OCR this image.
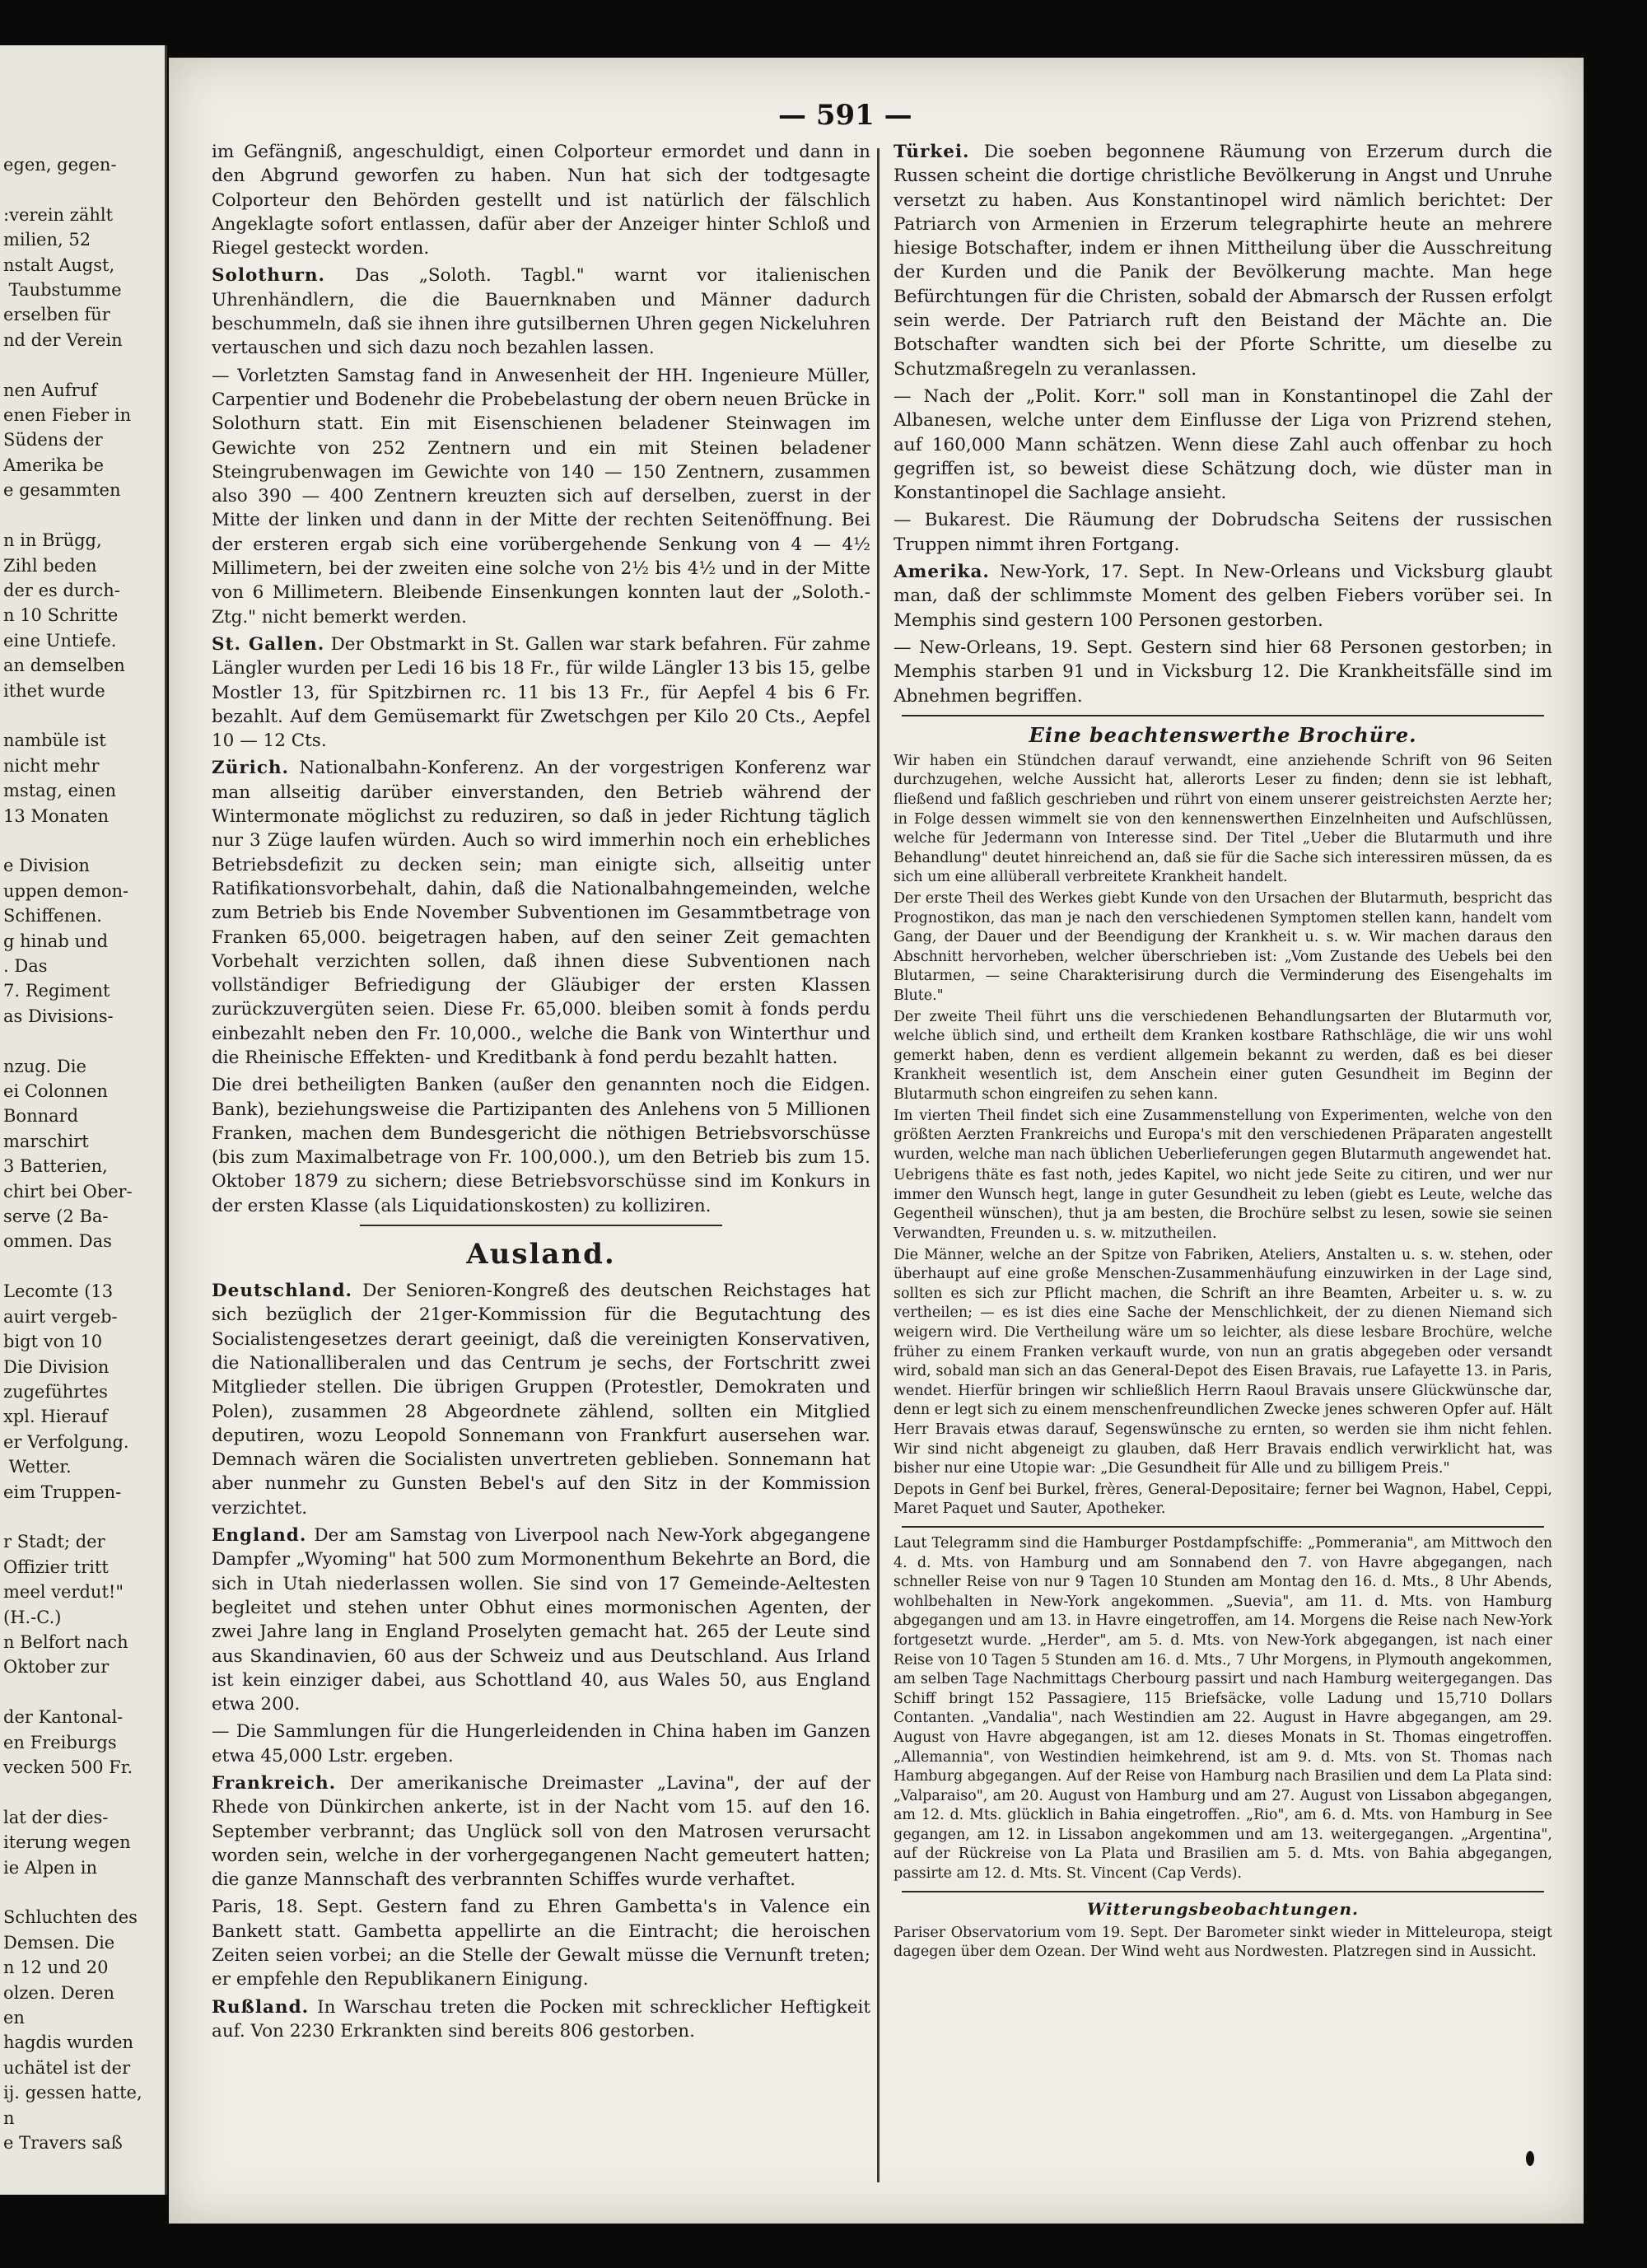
egen, gegen-

:verein zählt
milien, 52
nstalt Augst,
Taubstumme
erselben für
nd der Verein

nen Aufruf
enen Fieber in
Südens der
Amerika be
e gesammten

n in Brügg,
Zihl beden
der es durch-
n 10 Schritte
eine Untiefe.
an demselben
ithet wurde

nambüle ist
nicht mehr
mstag, einen
13 Monaten

e Division
uppen demon-
Schiffenen.
g hinab und
. Das
7. Regiment
as Divisions-

nzug. Die
ei Colonnen
Bonnard
marschirt
3 Batterien,
chirt bei Ober-
serve (2 Ba-
ommen. Das

Lecomte (13
auirt vergeb-
bigt von 10
Die Division
zugeführtes
xpl. Hierauf
er Verfolgung.
Wetter.
eim Truppen-

r Stadt; der
Offizier tritt
meel verdut!"
(H.-C.)
n Belfort nach
Oktober zur

der Kantonal-
en Freiburgs
vecken 500 Fr.

lat der dies-
iterung wegen
ie Alpen in

Schluchten des
Demsen. Die
n 12 und 20
olzen. Deren
en
hagdis wurden
uchätel ist der
ij. gessen hatte,
n
e Travers saß
— 591 —

im Gefängniß, angeschuldigt, einen Colporteur ermordet und dann in den Abgrund geworfen zu haben. Nun hat sich der todtgesagte Colporteur den Behörden gestellt und ist natürlich der fälschlich Angeklagte sofort entlassen, dafür aber der Anzeiger hinter Schloß und Riegel gesteckt worden.

Solothurn. Das „Soloth. Tagbl." warnt vor italienischen Uhrenhändlern, die die Bauernknaben und Männer dadurch beschummeln, daß sie ihnen ihre gutsilbernen Uhren gegen Nickeluhren vertauschen und sich dazu noch bezahlen lassen.

— Vorletzten Samstag fand in Anwesenheit der HH. Ingenieure Müller, Carpentier und Bodenehr die Probebelastung der obern neuen Brücke in Solothurn statt. Ein mit Eisenschienen beladener Steinwagen im Gewichte von 252 Zentnern und ein mit Steinen beladener Steingrubenwagen im Gewichte von 140 — 150 Zentnern, zusammen also 390 — 400 Zentnern kreuzten sich auf derselben, zuerst in der Mitte der linken und dann in der Mitte der rechten Seitenöffnung. Bei der ersteren ergab sich eine vorübergehende Senkung von 4 — 4½ Millimetern, bei der zweiten eine solche von 2½ bis 4½ und in der Mitte von 6 Millimetern. Bleibende Einsenkungen konnten laut der „Soloth.-Ztg." nicht bemerkt werden.

St. Gallen. Der Obstmarkt in St. Gallen war stark befahren. Für zahme Längler wurden per Ledi 16 bis 18 Fr., für wilde Längler 13 bis 15, gelbe Mostler 13, für Spitzbirnen rc. 11 bis 13 Fr., für Aepfel 4 bis 6 Fr. bezahlt. Auf dem Gemüsemarkt für Zwetschgen per Kilo 20 Cts., Aepfel 10 — 12 Cts.

Zürich. Nationalbahn-Konferenz. An der vorgestrigen Konferenz war man allseitig darüber einverstanden, den Betrieb während der Wintermonate möglichst zu reduziren, so daß in jeder Richtung täglich nur 3 Züge laufen würden. Auch so wird immerhin noch ein erhebliches Betriebsdefizit zu decken sein; man einigte sich, allseitig unter Ratifikationsvorbehalt, dahin, daß die Nationalbahngemeinden, welche zum Betrieb bis Ende November Subventionen im Gesammtbetrage von Franken 65,000. beigetragen haben, auf den seiner Zeit gemachten Vorbehalt verzichten sollen, daß ihnen diese Subventionen nach vollständiger Befriedigung der Gläubiger der ersten Klassen zurückzuvergüten seien. Diese Fr. 65,000. bleiben somit à fonds perdu einbezahlt neben den Fr. 10,000., welche die Bank von Winterthur und die Rheinische Effekten- und Kreditbank à fond perdu bezahlt hatten.

Die drei betheiligten Banken (außer den genannten noch die Eidgen. Bank), beziehungsweise die Partizipanten des Anlehens von 5 Millionen Franken, machen dem Bundesgericht die nöthigen Betriebsvorschüsse (bis zum Maximalbetrage von Fr. 100,000.), um den Betrieb bis zum 15. Oktober 1879 zu sichern; diese Betriebsvorschüsse sind im Konkurs in der ersten Klasse (als Liquidationskosten) zu kolliziren.

Ausland.

Deutschland. Der Senioren-Kongreß des deutschen Reichstages hat sich bezüglich der 21ger-Kommission für die Begutachtung des Socialistengesetzes derart geeinigt, daß die vereinigten Konservativen, die Nationalliberalen und das Centrum je sechs, der Fortschritt zwei Mitglieder stellen. Die übrigen Gruppen (Protestler, Demokraten und Polen), zusammen 28 Abgeordnete zählend, sollten ein Mitglied deputiren, wozu Leopold Sonnemann von Frankfurt ausersehen war. Demnach wären die Socialisten unvertreten geblieben. Sonnemann hat aber nunmehr zu Gunsten Bebel's auf den Sitz in der Kommission verzichtet.

England. Der am Samstag von Liverpool nach New-York abgegangene Dampfer „Wyoming" hat 500 zum Mormonenthum Bekehrte an Bord, die sich in Utah niederlassen wollen. Sie sind von 17 Gemeinde-Aeltesten begleitet und stehen unter Obhut eines mormonischen Agenten, der zwei Jahre lang in England Proselyten gemacht hat. 265 der Leute sind aus Skandinavien, 60 aus der Schweiz und aus Deutschland. Aus Irland ist kein einziger dabei, aus Schottland 40, aus Wales 50, aus England etwa 200.

— Die Sammlungen für die Hungerleidenden in China haben im Ganzen etwa 45,000 Lstr. ergeben.

Frankreich. Der amerikanische Dreimaster „Lavina", der auf der Rhede von Dünkirchen ankerte, ist in der Nacht vom 15. auf den 16. September verbrannt; das Unglück soll von den Matrosen verursacht worden sein, welche in der vorhergegangenen Nacht gemeutert hatten; die ganze Mannschaft des verbrannten Schiffes wurde verhaftet.

Paris, 18. Sept. Gestern fand zu Ehren Gambetta's in Valence ein Bankett statt. Gambetta appellirte an die Eintracht; die heroischen Zeiten seien vorbei; an die Stelle der Gewalt müsse die Vernunft treten; er empfehle den Republikanern Einigung.

Rußland. In Warschau treten die Pocken mit schrecklicher Heftigkeit auf. Von 2230 Erkrankten sind bereits 806 gestorben.

Türkei. Die soeben begonnene Räumung von Erzerum durch die Russen scheint die dortige christliche Bevölkerung in Angst und Unruhe versetzt zu haben. Aus Konstantinopel wird nämlich berichtet: Der Patriarch von Armenien in Erzerum telegraphirte heute an mehrere hiesige Botschafter, indem er ihnen Mittheilung über die Ausschreitung der Kurden und die Panik der Bevölkerung machte. Man hege Befürchtungen für die Christen, sobald der Abmarsch der Russen erfolgt sein werde. Der Patriarch ruft den Beistand der Mächte an. Die Botschafter wandten sich bei der Pforte Schritte, um dieselbe zu Schutzmaßregeln zu veranlassen.

— Nach der „Polit. Korr." soll man in Konstantinopel die Zahl der Albanesen, welche unter dem Einflusse der Liga von Prizrend stehen, auf 160,000 Mann schätzen. Wenn diese Zahl auch offenbar zu hoch gegriffen ist, so beweist diese Schätzung doch, wie düster man in Konstantinopel die Sachlage ansieht.

— Bukarest. Die Räumung der Dobrudscha Seitens der russischen Truppen nimmt ihren Fortgang.

Amerika. New-York, 17. Sept. In New-Orleans und Vicksburg glaubt man, daß der schlimmste Moment des gelben Fiebers vorüber sei. In Memphis sind gestern 100 Personen gestorben.

— New-Orleans, 19. Sept. Gestern sind hier 68 Personen gestorben; in Memphis starben 91 und in Vicksburg 12. Die Krankheitsfälle sind im Abnehmen begriffen.

Eine beachtenswerthe Brochüre.

Wir haben ein Stündchen darauf verwandt, eine anziehende Schrift von 96 Seiten durchzugehen, welche Aussicht hat, allerorts Leser zu finden; denn sie ist lebhaft, fließend und faßlich geschrieben und rührt von einem unserer geistreichsten Aerzte her; in Folge dessen wimmelt sie von den kennenswerthen Einzelnheiten und Aufschlüssen, welche für Jedermann von Interesse sind. Der Titel „Ueber die Blutarmuth und ihre Behandlung" deutet hinreichend an, daß sie für die Sache sich interessiren müssen, da es sich um eine allüberall verbreitete Krankheit handelt.

Der erste Theil des Werkes giebt Kunde von den Ursachen der Blutarmuth, bespricht das Prognostikon, das man je nach den verschiedenen Symptomen stellen kann, handelt vom Gang, der Dauer und der Beendigung der Krankheit u. s. w. Wir machen daraus den Abschnitt hervorheben, welcher überschrieben ist: „Vom Zustande des Uebels bei den Blutarmen, — seine Charakterisirung durch die Verminderung des Eisengehalts im Blute."

Der zweite Theil führt uns die verschiedenen Behandlungsarten der Blutarmuth vor, welche üblich sind, und ertheilt dem Kranken kostbare Rathschläge, die wir uns wohl gemerkt haben, denn es verdient allgemein bekannt zu werden, daß es bei dieser Krankheit wesentlich ist, dem Anschein einer guten Gesundheit im Beginn der Blutarmuth schon eingreifen zu sehen kann.

Im vierten Theil findet sich eine Zusammenstellung von Experimenten, welche von den größten Aerzten Frankreichs und Europa's mit den verschiedenen Präparaten angestellt wurden, welche man nach üblichen Ueberlieferungen gegen Blutarmuth angewendet hat.

Uebrigens thäte es fast noth, jedes Kapitel, wo nicht jede Seite zu citiren, und wer nur immer den Wunsch hegt, lange in guter Gesundheit zu leben (giebt es Leute, welche das Gegentheil wünschen), thut ja am besten, die Brochüre selbst zu lesen, sowie sie seinen Verwandten, Freunden u. s. w. mitzutheilen.

Die Männer, welche an der Spitze von Fabriken, Ateliers, Anstalten u. s. w. stehen, oder überhaupt auf eine große Menschen-Zusammenhäufung einzuwirken in der Lage sind, sollten es sich zur Pflicht machen, die Schrift an ihre Beamten, Arbeiter u. s. w. zu vertheilen; — es ist dies eine Sache der Menschlichkeit, der zu dienen Niemand sich weigern wird. Die Vertheilung wäre um so leichter, als diese lesbare Brochüre, welche früher zu einem Franken verkauft wurde, von nun an gratis abgegeben oder versandt wird, sobald man sich an das General-Depot des Eisen Bravais, rue Lafayette 13. in Paris, wendet. Hierfür bringen wir schließlich Herrn Raoul Bravais unsere Glückwünsche dar, denn er legt sich zu einem menschenfreundlichen Zwecke jenes schweren Opfer auf. Hält Herr Bravais etwas darauf, Segenswünsche zu ernten, so werden sie ihm nicht fehlen. Wir sind nicht abgeneigt zu glauben, daß Herr Bravais endlich verwirklicht hat, was bisher nur eine Utopie war: „Die Gesundheit für Alle und zu billigem Preis."

Depots in Genf bei Burkel, frères, General-Depositaire; ferner bei Wagnon, Habel, Ceppi, Maret Paquet und Sauter, Apotheker.

Laut Telegramm sind die Hamburger Postdampfschiffe: „Pommerania", am Mittwoch den 4. d. Mts. von Hamburg und am Sonnabend den 7. von Havre abgegangen, nach schneller Reise von nur 9 Tagen 10 Stunden am Montag den 16. d. Mts., 8 Uhr Abends, wohlbehalten in New-York angekommen. „Suevia", am 11. d. Mts. von Hamburg abgegangen und am 13. in Havre eingetroffen, am 14. Morgens die Reise nach New-York fortgesetzt wurde. „Herder", am 5. d. Mts. von New-York abgegangen, ist nach einer Reise von 10 Tagen 5 Stunden am 16. d. Mts., 7 Uhr Morgens, in Plymouth angekommen, am selben Tage Nachmittags Cherbourg passirt und nach Hamburg weitergegangen. Das Schiff bringt 152 Passagiere, 115 Briefsäcke, volle Ladung und 15,710 Dollars Contanten. „Vandalia", nach Westindien am 22. August in Havre abgegangen, am 29. August von Havre abgegangen, ist am 12. dieses Monats in St. Thomas eingetroffen. „Allemannia", von Westindien heimkehrend, ist am 9. d. Mts. von St. Thomas nach Hamburg abgegangen. Auf der Reise von Hamburg nach Brasilien und dem La Plata sind: „Valparaiso", am 20. August von Hamburg und am 27. August von Lissabon abgegangen, am 12. d. Mts. glücklich in Bahia eingetroffen. „Rio", am 6. d. Mts. von Hamburg in See gegangen, am 12. in Lissabon angekommen und am 13. weitergegangen. „Argentina", auf der Rückreise von La Plata und Brasilien am 5. d. Mts. von Bahia abgegangen, passirte am 12. d. Mts. St. Vincent (Cap Verds).

Witterungsbeobachtungen.

Pariser Observatorium vom 19. Sept. Der Barometer sinkt wieder in Mitteleuropa, steigt dagegen über dem Ozean. Der Wind weht aus Nordwesten. Platzregen sind in Aussicht.
